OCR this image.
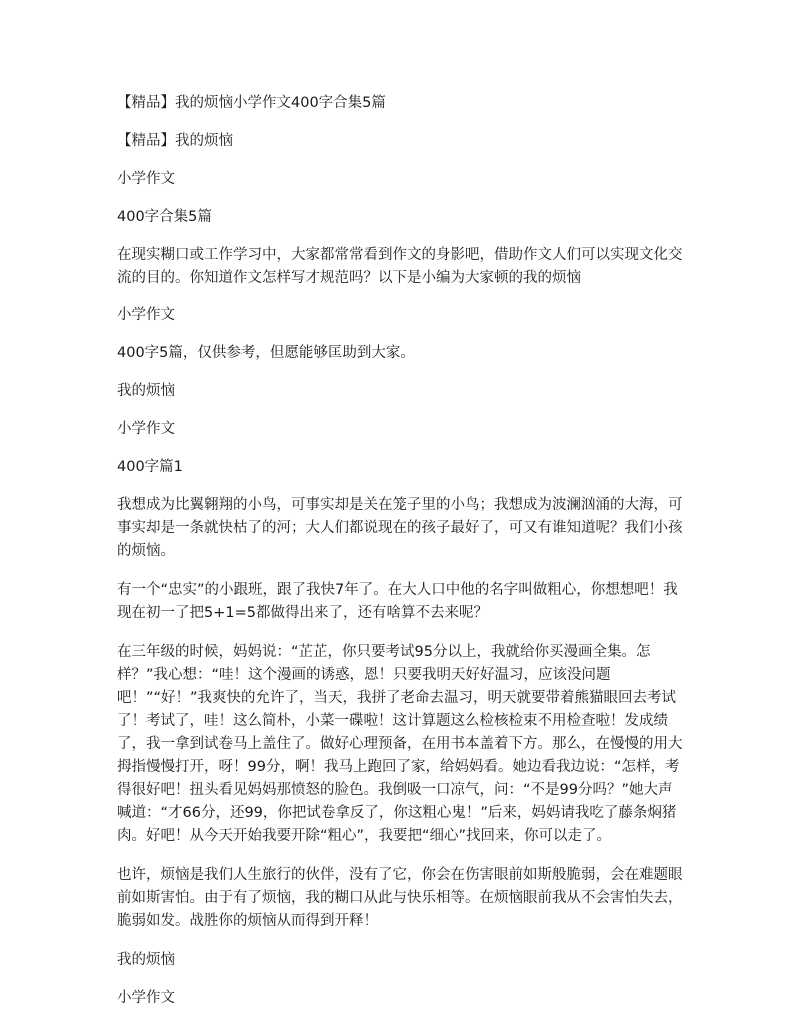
【精品】我的烦恼小学作文400字合集5篇

【精品】我的烦恼

小学作文

400字合集5篇

在现实糊口或工作学习中，大家都常常看到作文的身影吧，借助作文人们可以实现文化交流的目的。你知道作文怎样写才规范吗？以下是小编为大家顿的我的烦恼

小学作文

400字5篇，仅供参考，但愿能够匡助到大家。

我的烦恼

小学作文

400字篇1

我想成为比翼翱翔的小鸟，可事实却是关在笼子里的小鸟；我想成为波澜汹涌的大海，可事实却是一条就快枯了的河；大人们都说现在的孩子最好了，可又有谁知道呢？我们小孩的烦恼。

有一个“忠实”的小跟班，跟了我快7年了。在大人口中他的名字叫做粗心，你想想吧！我现在初一了把5+1=5都做得出来了，还有啥算不去来呢？

在三年级的时候，妈妈说：“芷芷，你只要考试95分以上，我就给你买漫画全集。怎样？”我心想：“哇！这个漫画的诱惑，恩！只要我明天好好温习，应该没问题吧！”“好！”我爽快的允许了，当天，我拼了老命去温习，明天就要带着熊猫眼回去考试了！考试了，哇！这么简朴，小菜一碟啦！这计算题这么检核检束不用检查啦！发成绩了，我一拿到试卷马上盖住了。做好心理预备，在用书本盖着下方。那么，在慢慢的用大拇指慢慢打开，呀！99分，啊！我马上跑回了家，给妈妈看。她边看我边说：“怎样，考得很好吧！扭头看见妈妈那愤怒的脸色。我倒吸一口凉气，问：“不是99分吗？”她大声喊道：“才66分，还99，你把试卷拿反了，你这粗心鬼！”后来，妈妈请我吃了藤条焖猪肉。好吧！从今天开始我要开除“粗心”，我要把“细心”找回来，你可以走了。

也许，烦恼是我们人生旅行的伙伴，没有了它，你会在伤害眼前如斯般脆弱，会在难题眼前如斯害怕。由于有了烦恼，我的糊口从此与快乐相等。在烦恼眼前我从不会害怕失去，脆弱如发。战胜你的烦恼从而得到开释！

我的烦恼

小学作文
